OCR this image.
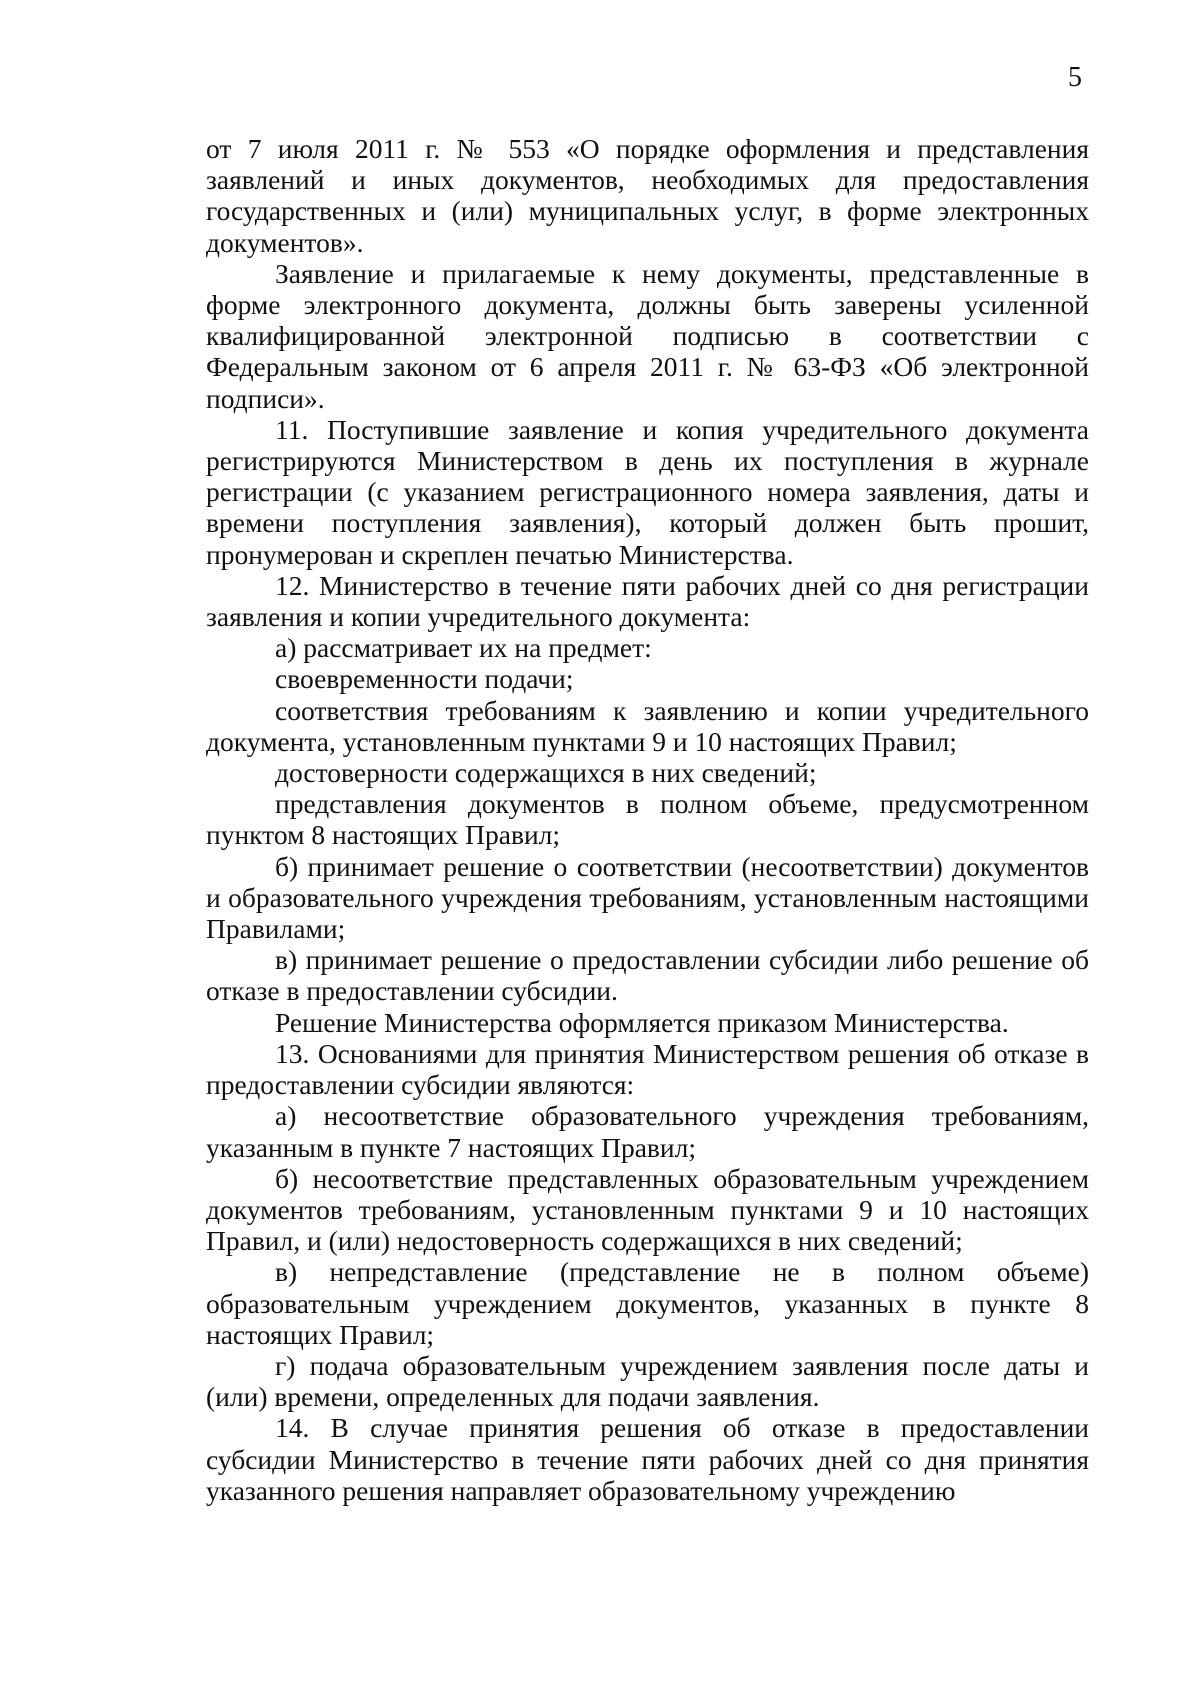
5

от 7 июля 2011 г. № 553 «О порядке оформления и представления заявлений и иных документов, необходимых для предоставления государственных и (или) муниципальных услуг, в форме электронных документов».

Заявление и прилагаемые к нему документы, представленные в форме электронного документа, должны быть заверены усиленной квалифицированной электронной подписью в соответствии с Федеральным законом от 6 апреля 2011 г. № 63-ФЗ «Об электронной подписи».

11. Поступившие заявление и копия учредительного документа регистрируются Министерством в день их поступления в журнале регистрации (с указанием регистрационного номера заявления, даты и времени поступления заявления), который должен быть прошит, пронумерован и скреплен печатью Министерства.

12. Министерство в течение пяти рабочих дней со дня регистрации заявления и копии учредительного документа:

а) рассматривает их на предмет:

своевременности подачи;

соответствия требованиям к заявлению и копии учредительного документа, установленным пунктами 9 и 10 настоящих Правил;

достоверности содержащихся в них сведений;

представления документов в полном объеме, предусмотренном пунктом 8 настоящих Правил;

б) принимает решение о соответствии (несоответствии) документов и образовательного учреждения требованиям, установленным настоящими Правилами;

в) принимает решение о предоставлении субсидии либо решение об отказе в предоставлении субсидии.

Решение Министерства оформляется приказом Министерства.

13. Основаниями для принятия Министерством решения об отказе в предоставлении субсидии являются:

а) несоответствие образовательного учреждения требованиям, указанным в пункте 7 настоящих Правил;

б) несоответствие представленных образовательным учреждением документов требованиям, установленным пунктами 9 и 10 настоящих Правил, и (или) недостоверность содержащихся в них сведений;

в) непредставление (представление не в полном объеме) образовательным учреждением документов, указанных в пункте 8 настоящих Правил;

г) подача образовательным учреждением заявления после даты и (или) времени, определенных для подачи заявления.

14. В случае принятия решения об отказе в предоставлении субсидии Министерство в течение пяти рабочих дней со дня принятия указанного решения направляет образовательному учреждению
